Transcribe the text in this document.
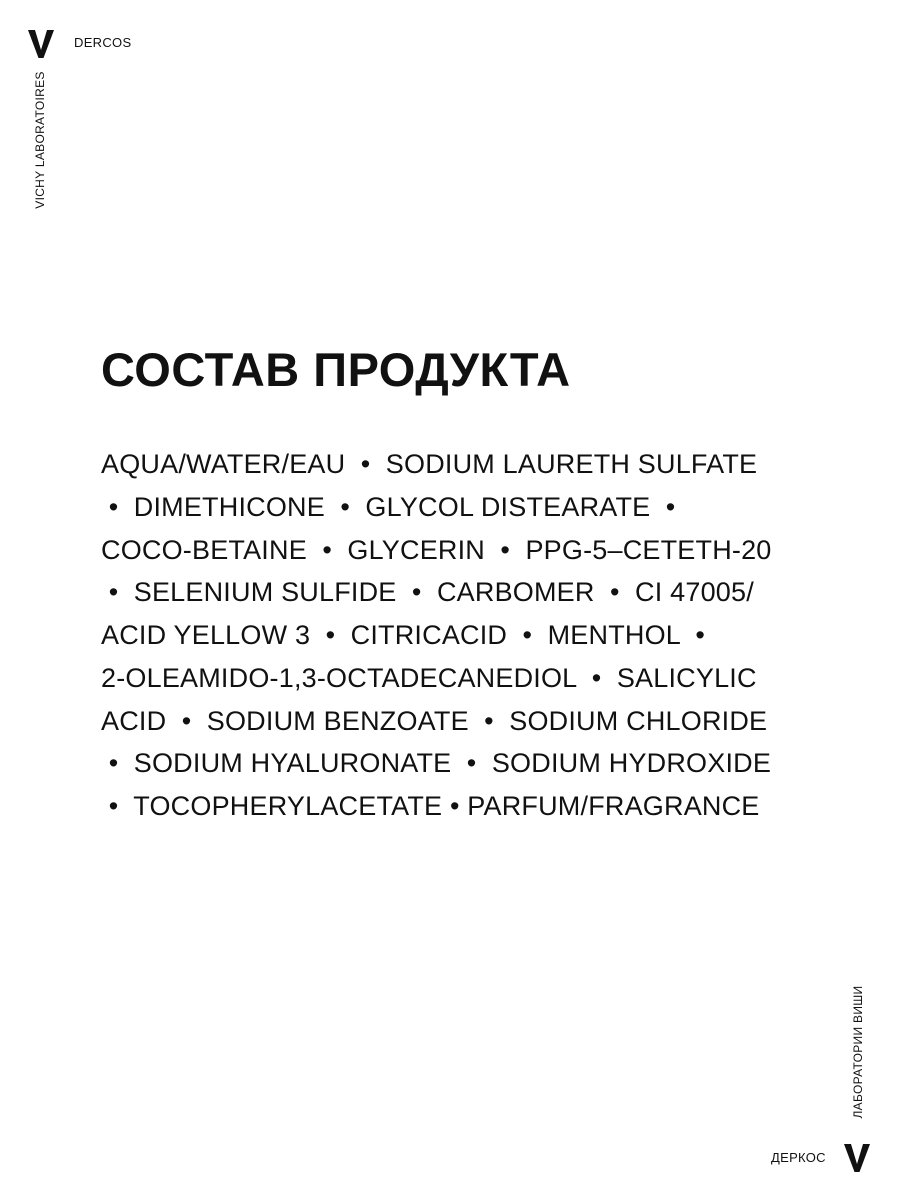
DERCOS
VICHY LABORATOIRES
СОСТАВ ПРОДУКТА
AQUA/WATER/EAU  •  SODIUM LAURETH SULFATE
•  DIMETHICONE  •  GLYCOL DISTEARATE  •
COCO-BETAINE  •  GLYCERIN  •  PPG-5–CETETH-20
•  SELENIUM SULFIDE  •  CARBOMER  •  CI 47005/
ACID YELLOW 3  •  CITRICACID  •  MENTHOL  •
2-OLEAMIDO-1,3-OCTADECANEDIOL  •  SALICYLIC
ACID  •  SODIUM BENZOATE  •  SODIUM CHLORIDE
•  SODIUM HYALURONATE  •  SODIUM HYDROXIDE
•  TOCOPHERYLACETATE • PARFUM/FRAGRANCE
ЛАБОРАТОРИИ ВИШИ
ДЕРКОС
